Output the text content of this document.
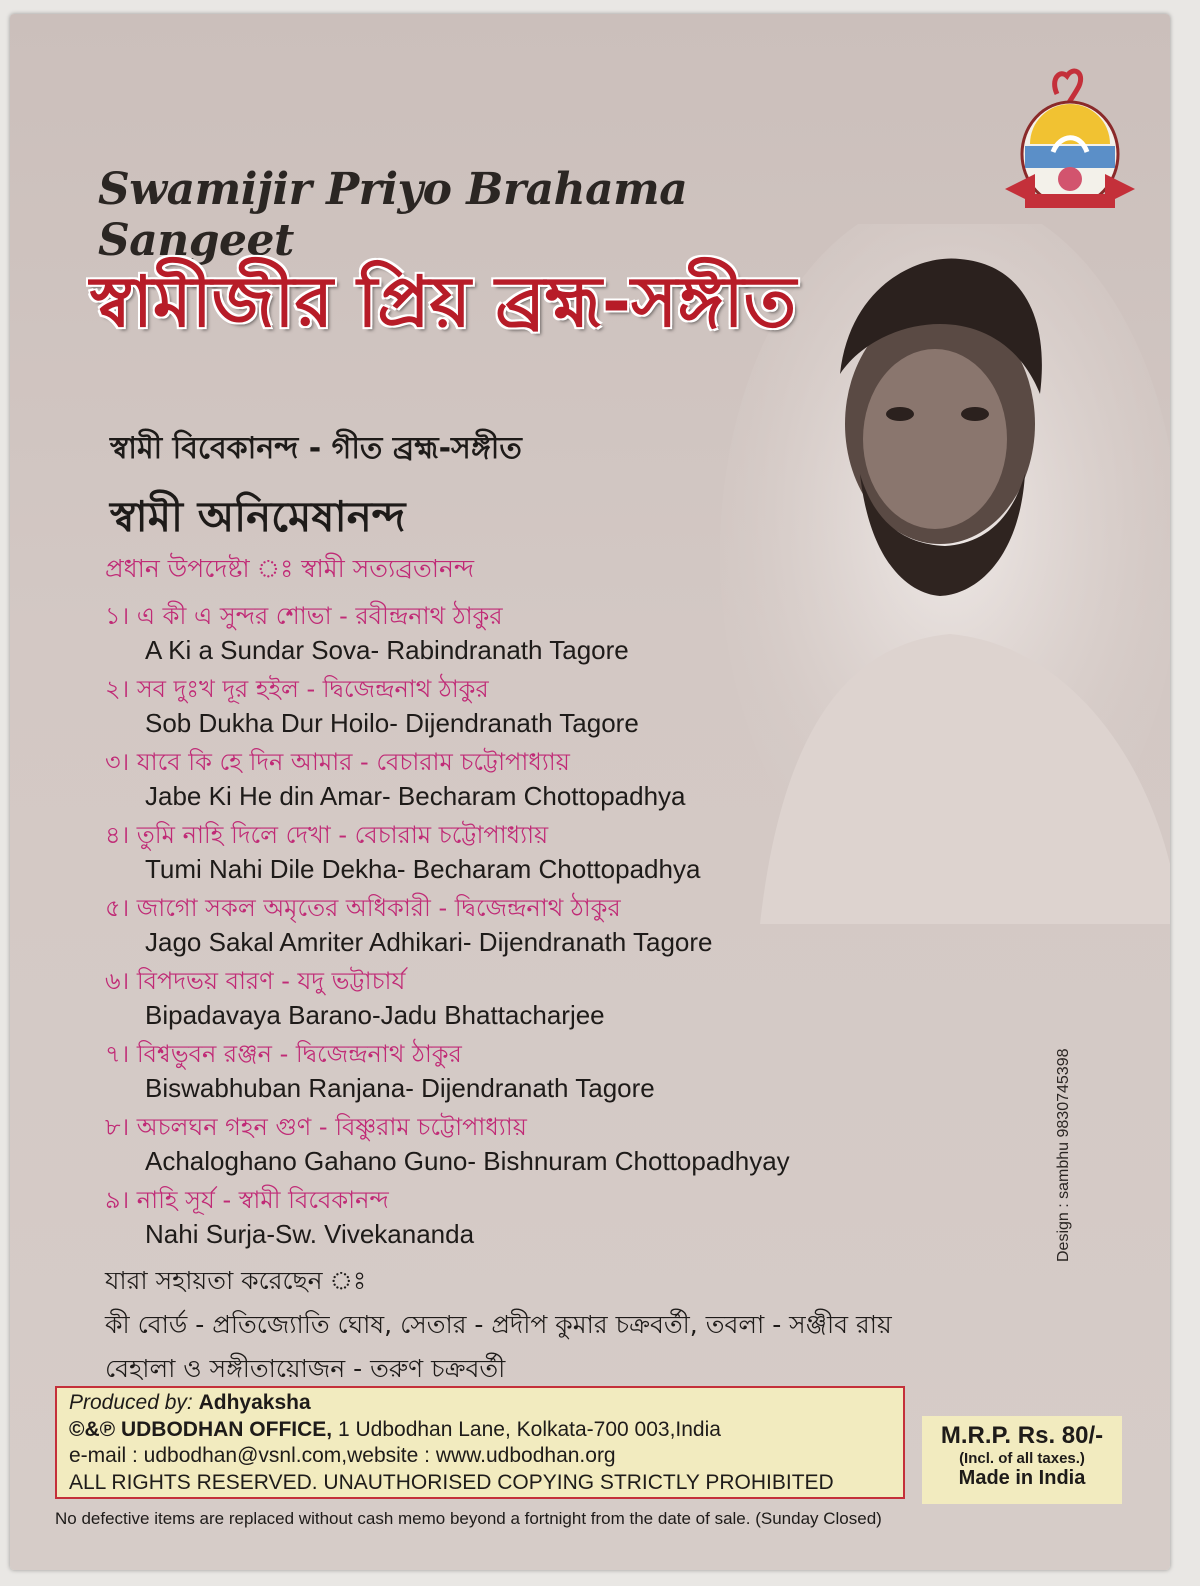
Swamijir Priyo Brahama Sangeet
স্বামীজীর প্রিয় ব্রহ্ম-সঙ্গীত
স্বামী বিবেকানন্দ - গীত ব্রহ্ম-সঙ্গীত
স্বামী অনিমেষানন্দ
প্রধান উপদেষ্টা ঃ স্বামী সত্যব্রতানন্দ
১। এ কী এ সুন্দর শোভা - রবীন্দ্রনাথ ঠাকুর
A Ki a Sundar Sova- Rabindranath Tagore
২। সব দুঃখ দূর হইল - দ্বিজেন্দ্রনাথ ঠাকুর
Sob Dukha Dur Hoilo- Dijendranath Tagore
৩। যাবে কি হে দিন আমার - বেচারাম চট্টোপাধ্যায়
Jabe Ki He din Amar- Becharam Chottopadhya
৪। তুমি নাহি দিলে দেখা - বেচারাম চট্টোপাধ্যায়
Tumi Nahi Dile Dekha- Becharam Chottopadhya
৫। জাগো সকল অমৃতের অধিকারী - দ্বিজেন্দ্রনাথ ঠাকুর
Jago Sakal Amriter Adhikari- Dijendranath Tagore
৬। বিপদভয় বারণ - যদু ভট্টাচার্য
Bipadavaya Barano-Jadu Bhattacharjee
৭। বিশ্বভুবন রঞ্জন - দ্বিজেন্দ্রনাথ ঠাকুর
Biswabhuban Ranjana- Dijendranath Tagore
৮। অচলঘন গহন গুণ - বিষ্ণুরাম চট্টোপাধ্যায়
Achaloghano Gahano Guno- Bishnuram Chottopadhyay
৯। নাহি সূর্য - স্বামী বিবেকানন্দ
Nahi Surja-Sw. Vivekananda
যারা সহায়তা করেছেন ঃ
কী বোর্ড - প্রতিজ্যোতি ঘোষ, সেতার - প্রদীপ কুমার চক্রবর্তী, তবলা - সঞ্জীব রায়
বেহালা ও সঙ্গীতায়োজন - তরুণ চক্রবর্তী
Design : sambhu 9830745398
Produced by: Adhyaksha
©&℗ UDBODHAN OFFICE, 1 Udbodhan Lane, Kolkata-700 003,India
e-mail : udbodhan@vsnl.com,website : www.udbodhan.org
ALL RIGHTS RESERVED. UNAUTHORISED COPYING STRICTLY PROHIBITED
M.R.P. Rs. 80/-
(Incl. of all taxes.)
Made in India
No defective items are replaced without cash memo beyond a fortnight from the date of sale. (Sunday Closed)
